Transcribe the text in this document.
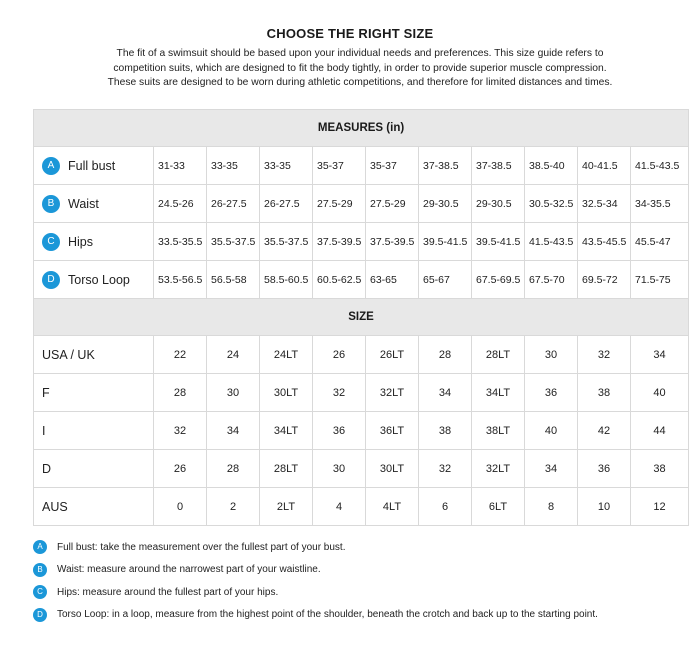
CHOOSE THE RIGHT SIZE
The fit of a swimsuit should be based upon your individual needs and preferences. This size guide refers to
competition suits, which are designed to fit the body tightly, in order to provide superior muscle compression.
These suits are designed to be worn during athletic competitions, and therefore for limited distances and times.
MEASURES (in)										
A Full bust	31-33	33-35	33-35	35-37	35-37	37-38.5	37-38.5	38.5-40	40-41.5	41.5-43.5
B Waist	24.5-26	26-27.5	26-27.5	27.5-29	27.5-29	29-30.5	29-30.5	30.5-32.5	32.5-34	34-35.5
C Hips	33.5-35.5	35.5-37.5	35.5-37.5	37.5-39.5	37.5-39.5	39.5-41.5	39.5-41.5	41.5-43.5	43.5-45.5	45.5-47
D Torso Loop	53.5-56.5	56.5-58	58.5-60.5	60.5-62.5	63-65	65-67	67.5-69.5	67.5-70	69.5-72	71.5-75
SIZE										
USA / UK	22	24	24LT	26	26LT	28	28LT	30	32	34
F	28	30	30LT	32	32LT	34	34LT	36	38	40
I	32	34	34LT	36	36LT	38	38LT	40	42	44
D	26	28	28LT	30	30LT	32	32LT	34	36	38
AUS	0	2	2LT	4	4LT	6	6LT	8	10	12
A	Full bust: take the measurement over the fullest part of your bust.
B	Waist: measure around the narrowest part of your waistline.
C	Hips: measure around the fullest part of your hips.
D	Torso Loop: in a loop, measure from the highest point of the shoulder, beneath the crotch and back up to the starting point.
